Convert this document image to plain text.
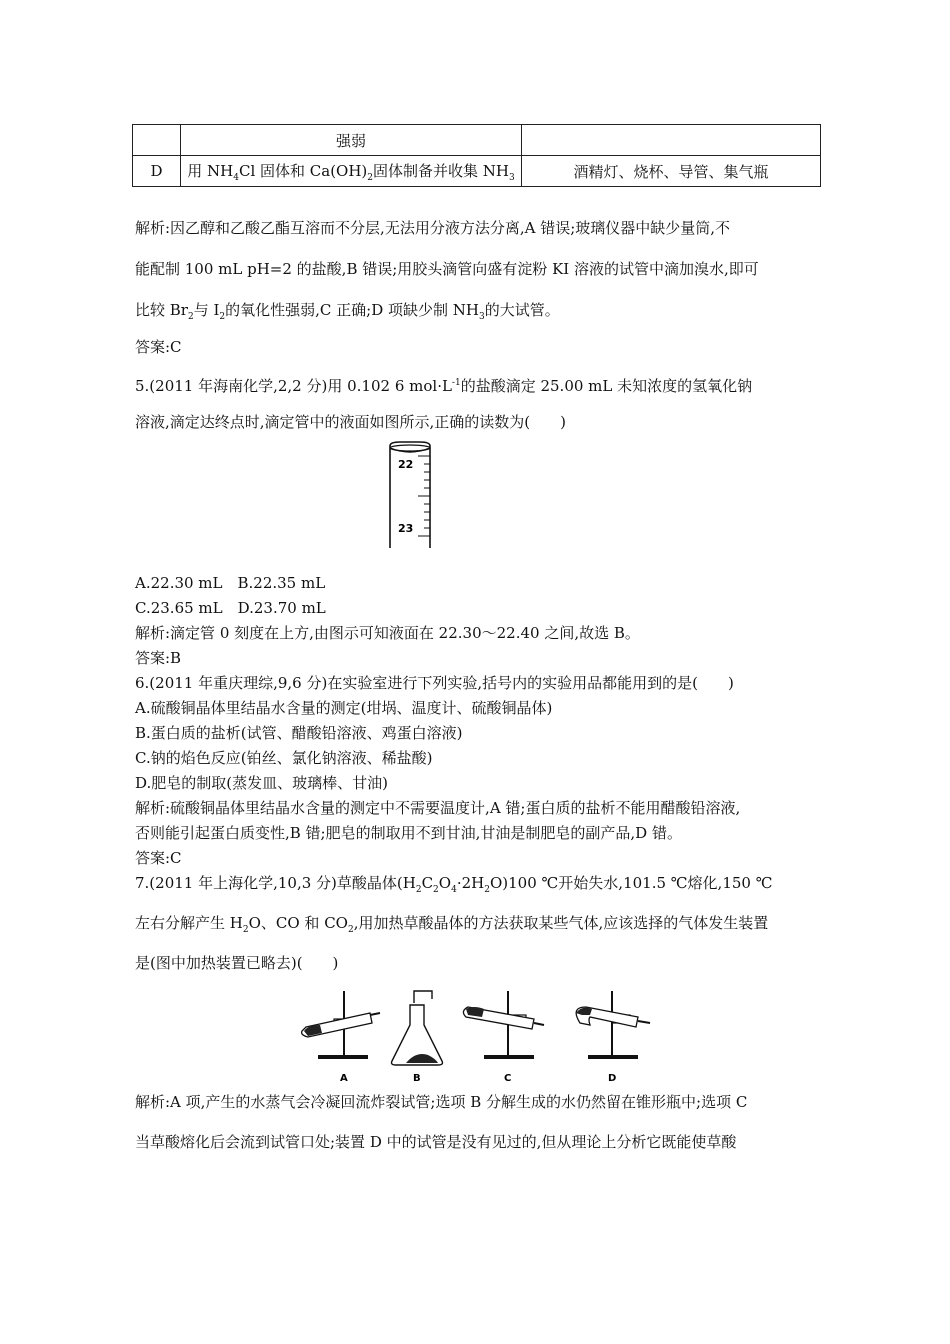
	强弱	
D	用 $NH_4Cl$ 固体和 $Ca(OH)_2$固体制备并收集 $NH_3$	酒精灯、烧杯、导管、集气瓶
解析:因乙醇和乙酸乙酯互溶而不分层,无法用分液方法分离,A 错误;玻璃仪器中缺少量筒,不
能配制 100 mL pH=2 的盐酸,B 错误;用胶头滴管向盛有淀粉 KI 溶液的试管中滴加溴水,即可
比较 $Br_2$与 $I_2$的氧化性强弱,C 正确;D 项缺少制 $NH_3$的大试管。
答案:C
5.(2011 年海南化学,2,2 分)用 0.102 6 $mol\cdot L^{-1}$的盐酸滴定 25.00 mL 未知浓度的氢氧化钠
溶液,滴定达终点时,滴定管中的液面如图所示,正确的读数为(　　)
22
23
A.22.30 mL　B.22.35 mL
C.23.65 mL　D.23.70 mL
解析:滴定管 0 刻度在上方,由图示可知液面在 22.30～22.40 之间,故选 B。
答案:B
6.(2011 年重庆理综,9,6 分)在实验室进行下列实验,括号内的实验用品都能用到的是(　　)
A.硫酸铜晶体里结晶水含量的测定(坩埚、温度计、硫酸铜晶体)
B.蛋白质的盐析(试管、醋酸铅溶液、鸡蛋白溶液)
C.钠的焰色反应(铂丝、氯化钠溶液、稀盐酸)
D.肥皂的制取(蒸发皿、玻璃棒、甘油)
解析:硫酸铜晶体里结晶水含量的测定中不需要温度计,A 错;蛋白质的盐析不能用醋酸铅溶液,
否则能引起蛋白质变性,B 错;肥皂的制取用不到甘油,甘油是制肥皂的副产品,D 错。
答案:C
7.(2011 年上海化学,10,3 分)草酸晶体$(H_2C_2O_4\cdot 2H_2O)100$ ℃开始失水,101.5 ℃熔化,150 ℃
左右分解产生 $H_2O$、CO 和 $CO_2$,用加热草酸晶体的方法获取某些气体,应该选择的气体发生装置
是(图中加热装置已略去)(　　)
A	B	C	D
解析:A 项,产生的水蒸气会冷凝回流炸裂试管;选项 B 分解生成的水仍然留在锥形瓶中;选项 C
当草酸熔化后会流到试管口处;装置 D 中的试管是没有见过的,但从理论上分析它既能使草酸
